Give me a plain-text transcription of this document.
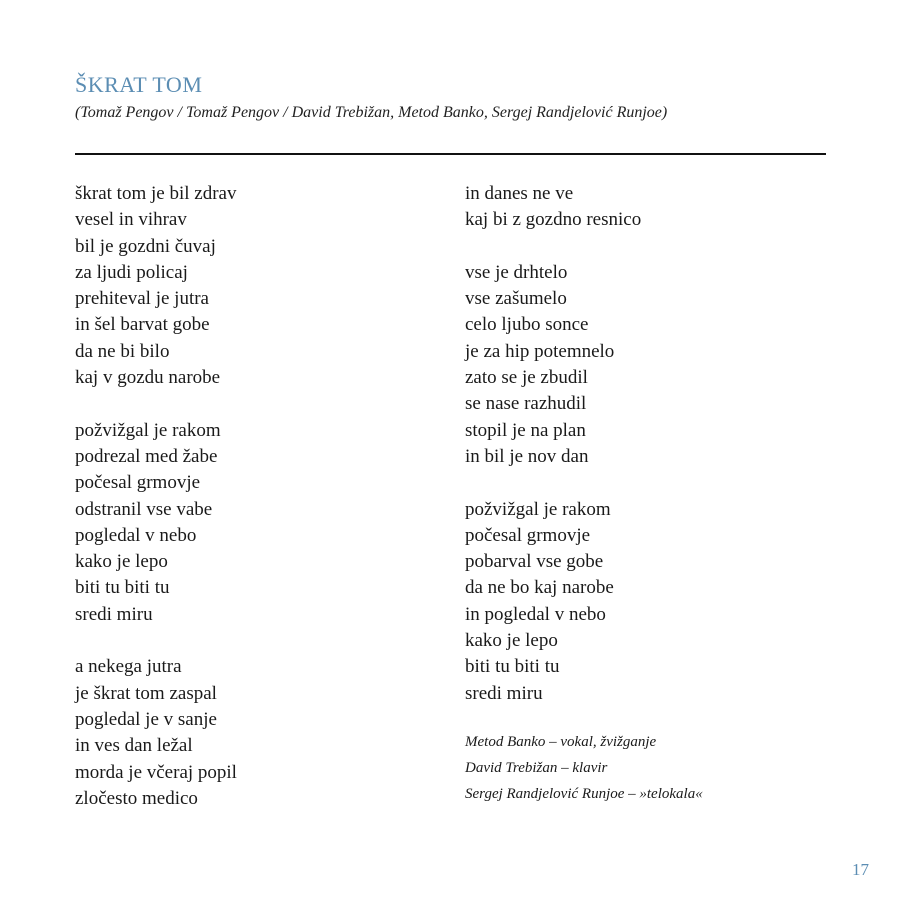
ŠKRAT TOM
(Tomaž Pengov / Tomaž Pengov / David Trebižan, Metod Banko, Sergej Randjelović Runjoe)
škrat tom je bil zdrav
vesel in vihrav
bil je gozdni čuvaj
za ljudi policaj
prehiteval je jutra
in šel barvat gobe
da ne bi bilo
kaj v gozdu narobe
požvižgal je rakom
podrezal med žabe
počesal grmovje
odstranil vse vabe
pogledal v nebo
kako je lepo
biti tu biti tu
sredi miru
a nekega jutra
je škrat tom zaspal
pogledal je v sanje
in ves dan ležal
morda je včeraj popil
zločesto medico
in danes ne ve
kaj bi z gozdno resnico
vse je drhtelo
vse zašumelo
celo ljubo sonce
je za hip potemnelo
zato se je zbudil
se nase razhudil
stopil je na plan
in bil je nov dan
požvižgal je rakom
počesal grmovje
pobarval vse gobe
da ne bo kaj narobe
in pogledal v nebo
kako je lepo
biti tu biti tu
sredi miru
Metod Banko – vokal, žvižganje
David Trebižan – klavir
Sergej Randjelović Runjoe – »telokala«
17
